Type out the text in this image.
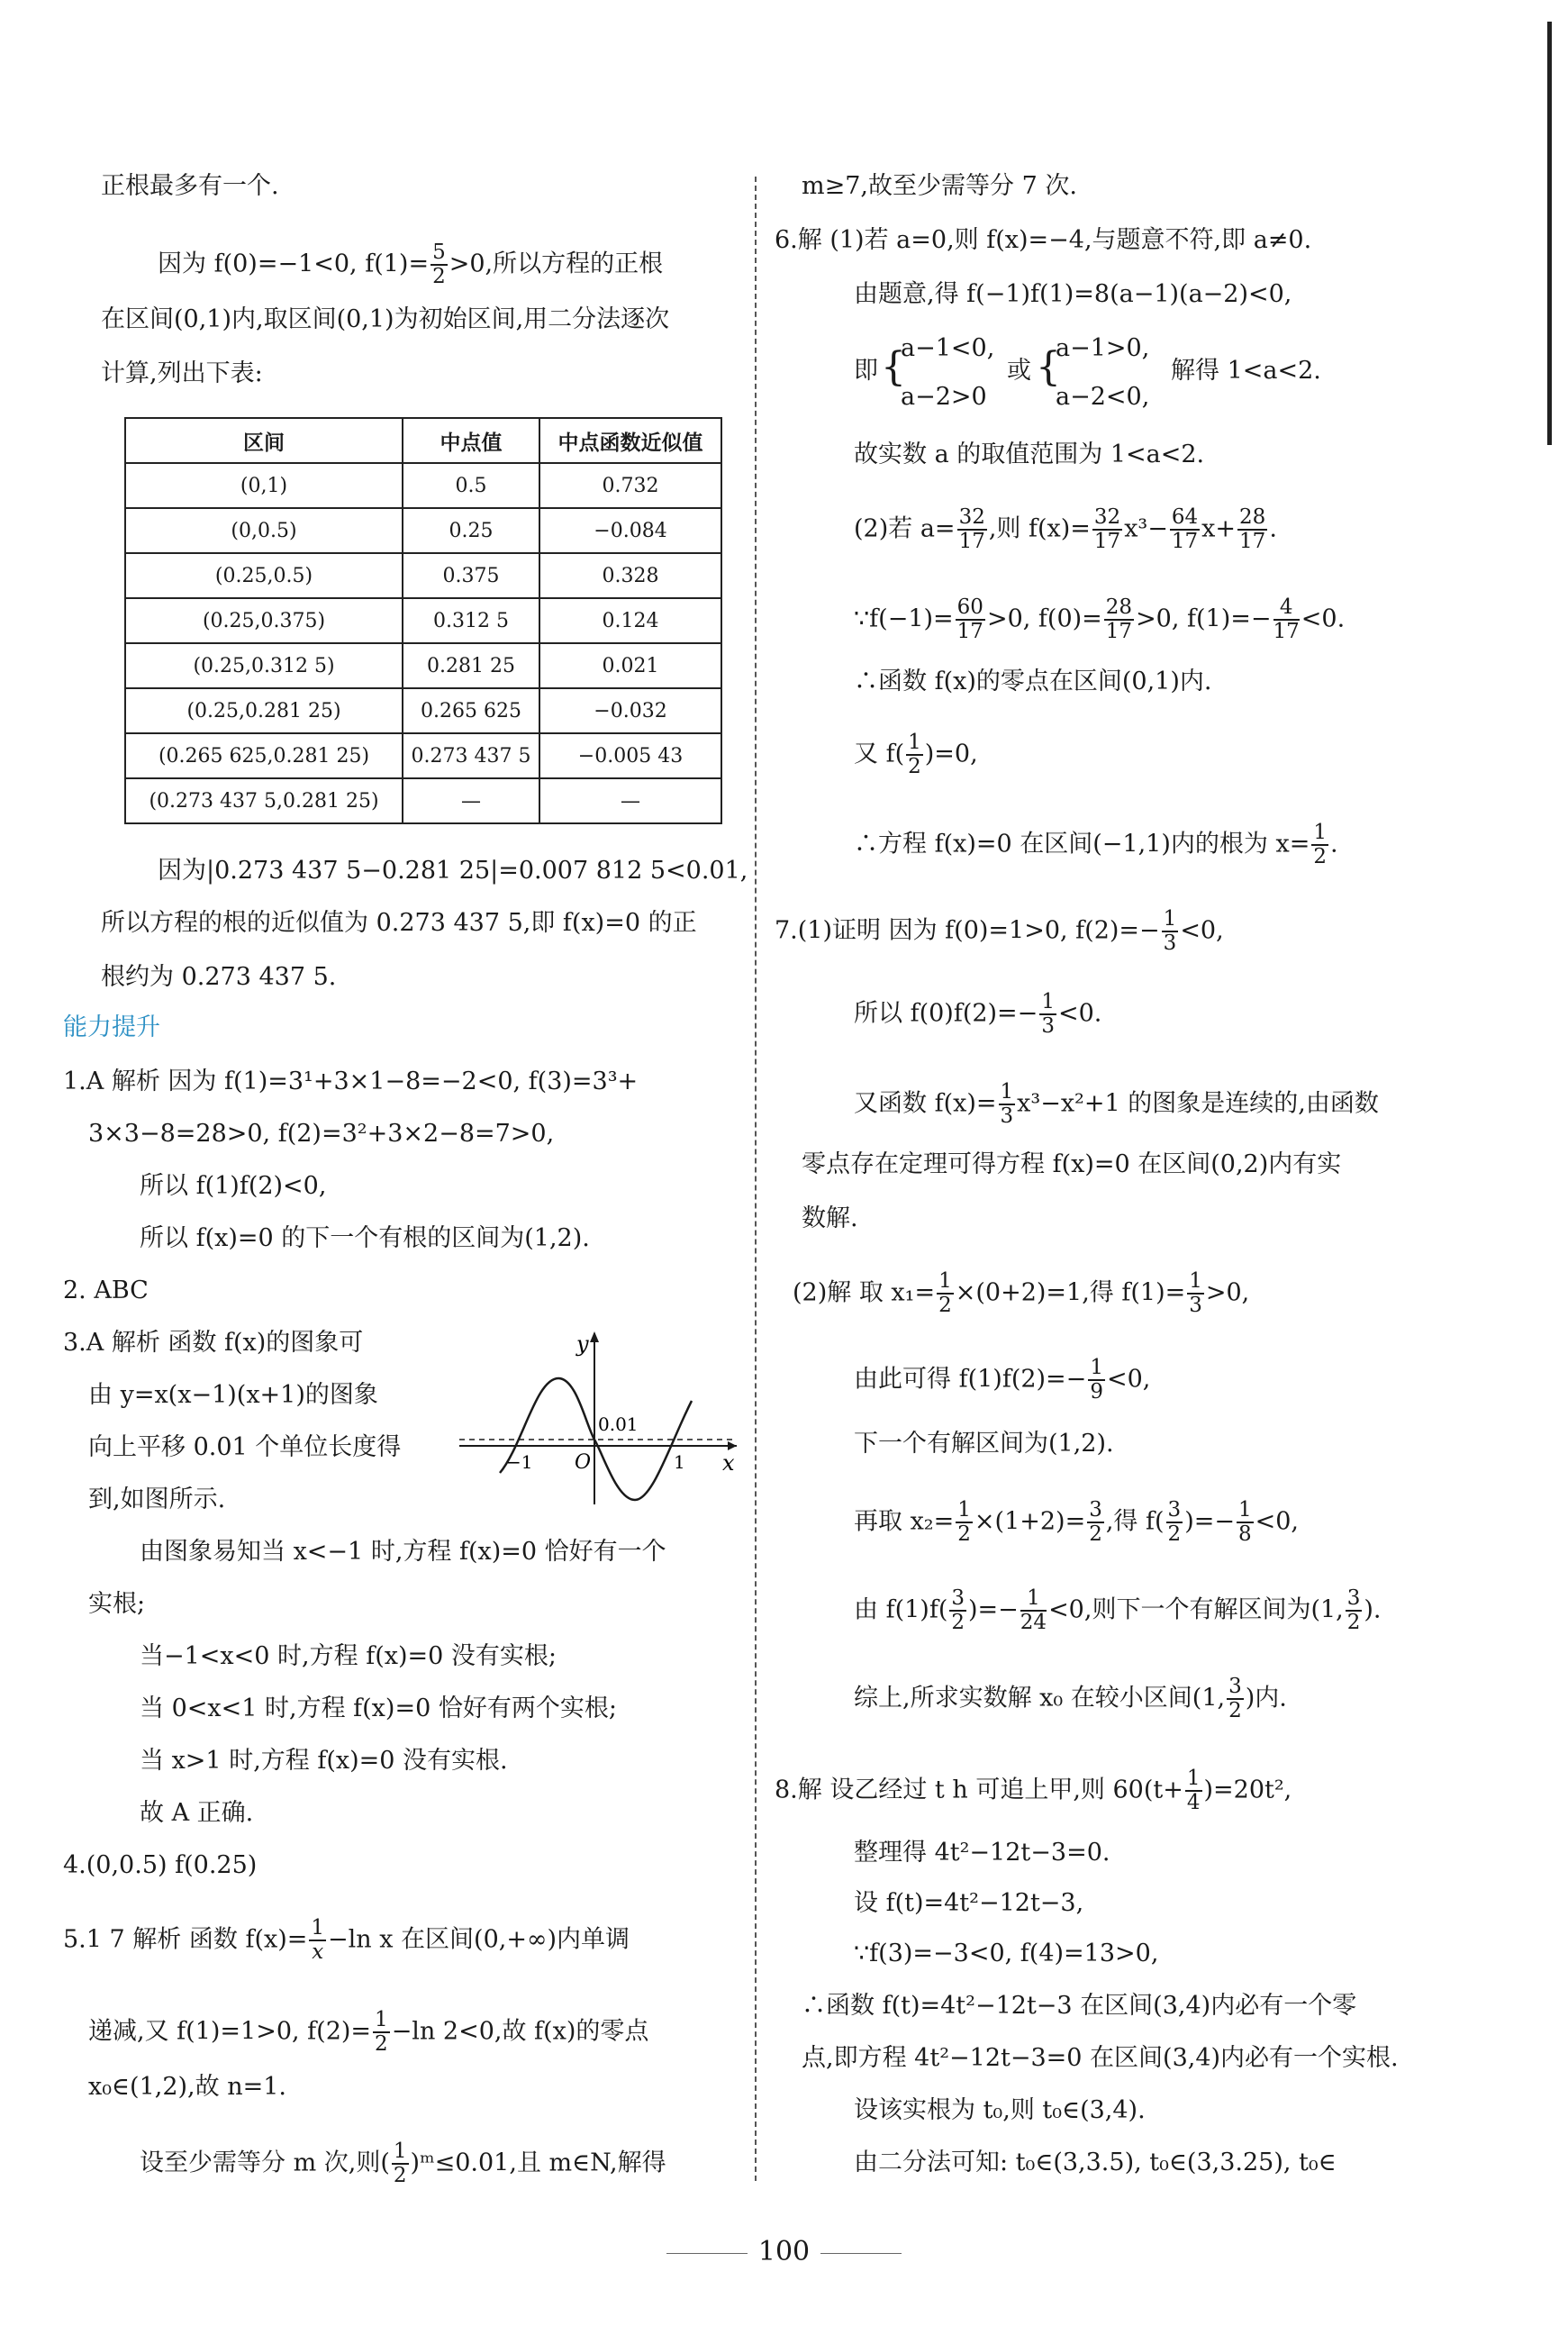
正根最多有一个.
因为 f(0)=−1<0, $f(1)= \frac{5}{2} >0$,所以方程的正根
在区间(0,1)内,取区间(0,1)为初始区间,用二分法逐次
计算,列出下表:
区间	中点值	中点函数近似值
(0,1)	0.5	0.732
(0,0.5)	0.25	−0.084
(0.25,0.5)	0.375	0.328
(0.25,0.375)	0.312 5	0.124
(0.25,0.312 5)	0.281 25	0.021
(0.25,0.281 25)	0.265 625	−0.032
(0.265 625,0.281 25)	0.273 437 5	−0.005 43
(0.273 437 5,0.281 25)	—	—
因为|0.273 437 5−0.281 25|=0.007 812 5<0.01,
所以方程的根的近似值为 0.273 437 5,即 f(x)=0 的正
根约为 0.273 437 5.
能力提升
1.A 解析 因为 f(1)=3¹+3×1−8=−2<0, f(3)=3³+
3×3−8=28>0, f(2)=3²+3×2−8=7>0,
所以 f(1)f(2)<0,
所以 f(x)=0 的下一个有根的区间为(1,2).
2. ABC
3.A 解析 函数 f(x)的图象可
由 y=x(x−1)(x+1)的图象
向上平移 0.01 个单位长度得
到,如图所示.
y
x
O
−1	1
0.01
由图象易知当 x<−1 时,方程 f(x)=0 恰好有一个
实根;
当−1<x<0 时,方程 f(x)=0 没有实根;
当 0<x<1 时,方程 f(x)=0 恰好有两个实根;
当 x>1 时,方程 f(x)=0 没有实根.
故 A 正确.
4.(0,0.5) f(0.25)
5.1 7 解析 函数 $f(x)= \frac{1}{x} -\ln$ x 在区间(0,+∞)内单调
递减,又 f(1)=1>0, $f(2)= \frac{1}{2} -\ln$ 2<0,故 f(x)的零点
x₀∈(1,2),故 n=1.
设至少需等分 m 次,则( $\frac{1}{2}$ )ᵐ≤0.01,且 m∈N,解得
m≥7,故至少需等分 7 次.
6.解 (1)若 a=0,则 f(x)=−4,与题意不符,即 a≠0.
由题意,得 f(−1)f(1)=8(a−1)(a−2)<0,
即 {
a−1<0,
a−2>0
或 {
a−1>0,
a−2<0,
解得 1<a<2.
故实数 a 的取值范围为 1<a<2.
(2)若 $a= \frac{32}{17}$ ,则 $f(x)= \frac{32}{17} x^3- \frac{64}{17} x+ \frac{28}{17}$ .
∵f(−1)= $\frac{60}{17} >0$, $f(0)= \frac{28}{17} >0$, $f(1)=- \frac{4}{17} <0$.
∴函数 f(x)的零点在区间(0,1)内.
又 $f( \frac{1}{2} )=0$,
∴方程 f(x)=0 在区间(−1,1)内的根为 $x= \frac{1}{2}$ .
7.(1)证明 因为 f(0)=1>0, $f(2)=- \frac{1}{3} <0$,
所以 $f(0)f(2)=- \frac{1}{3} <0$.
又函数 $f(x)= \frac{1}{3} x^3-x^2+1$ 的图象是连续的,由函数
零点存在定理可得方程 f(x)=0 在区间(0,2)内有实
数解.
(2)解 取 $x_1= \frac{1}{2} \times(0+2)=1$,得 $f(1)= \frac{1}{3} >0$,
由此可得 $f(1)f(2)=- \frac{1}{9} <0$,
下一个有解区间为(1,2).
再取 $x_2= \frac{1}{2} \times(1+2)= \frac{3}{2}$ ,得 $f( \frac{3}{2}$ )=− $\frac{1}{8} <0$,
由 $f(1)f( \frac{3}{2}$ )=− $\frac{1}{24} <0$,则下一个有解区间为(1, $\frac{3}{2}$ ).
综上,所求实数解 x₀ 在较小区间(1, $\frac{3}{2}$ )内.
8.解 设乙经过 t h 可追上甲,则 $60(t+ \frac{1}{4} )=20t^2$,
整理得 4t²−12t−3=0.
设 f(t)=4t²−12t−3,
∵f(3)=−3<0, f(4)=13>0,
∴函数 f(t)=4t²−12t−3 在区间(3,4)内必有一个零
点,即方程 4t²−12t−3=0 在区间(3,4)内必有一个实根.
设该实根为 t₀,则 t₀∈(3,4).
由二分法可知: t₀∈(3,3.5), t₀∈(3,3.25), t₀∈
100
